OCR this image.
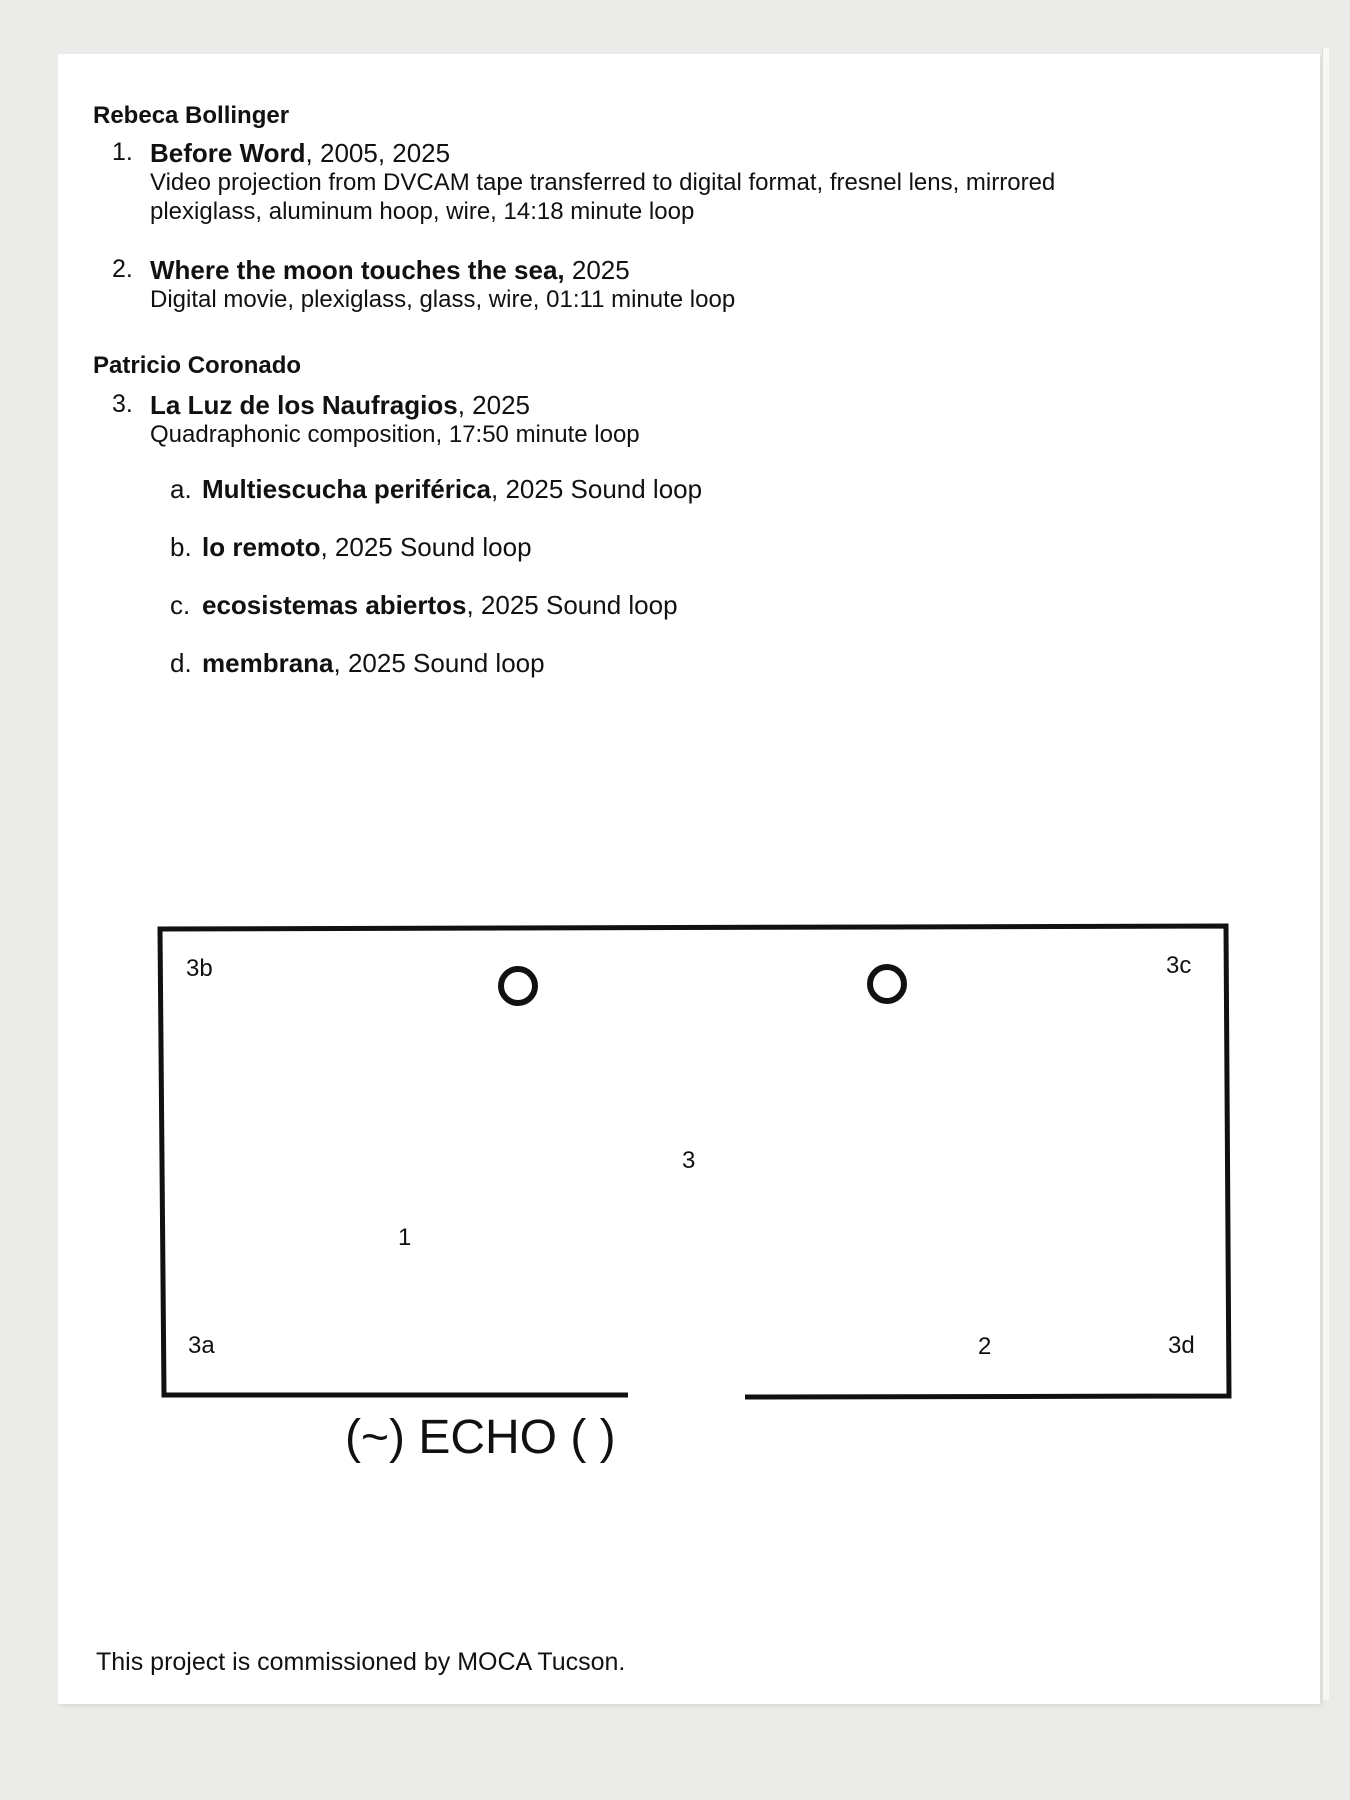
Rebeca Bollinger
1. Before Word, 2005, 2025
Video projection from DVCAM tape transferred to digital format, fresnel lens, mirrored plexiglass, aluminum hoop, wire, 14:18 minute loop
2. Where the moon touches the sea, 2025
Digital movie, plexiglass, glass, wire, 01:11 minute loop
Patricio Coronado
3. La Luz de los Naufragios, 2025
Quadraphonic composition, 17:50 minute loop
a. Multiescucha periférica, 2025 Sound loop
b. lo remoto, 2025 Sound loop
c. ecosistemas abiertos, 2025 Sound loop
d. membrana, 2025 Sound loop
3b	3c
3
1
3a	2	3d
(~) ECHO ( )
This project is commissioned by MOCA Tucson.
